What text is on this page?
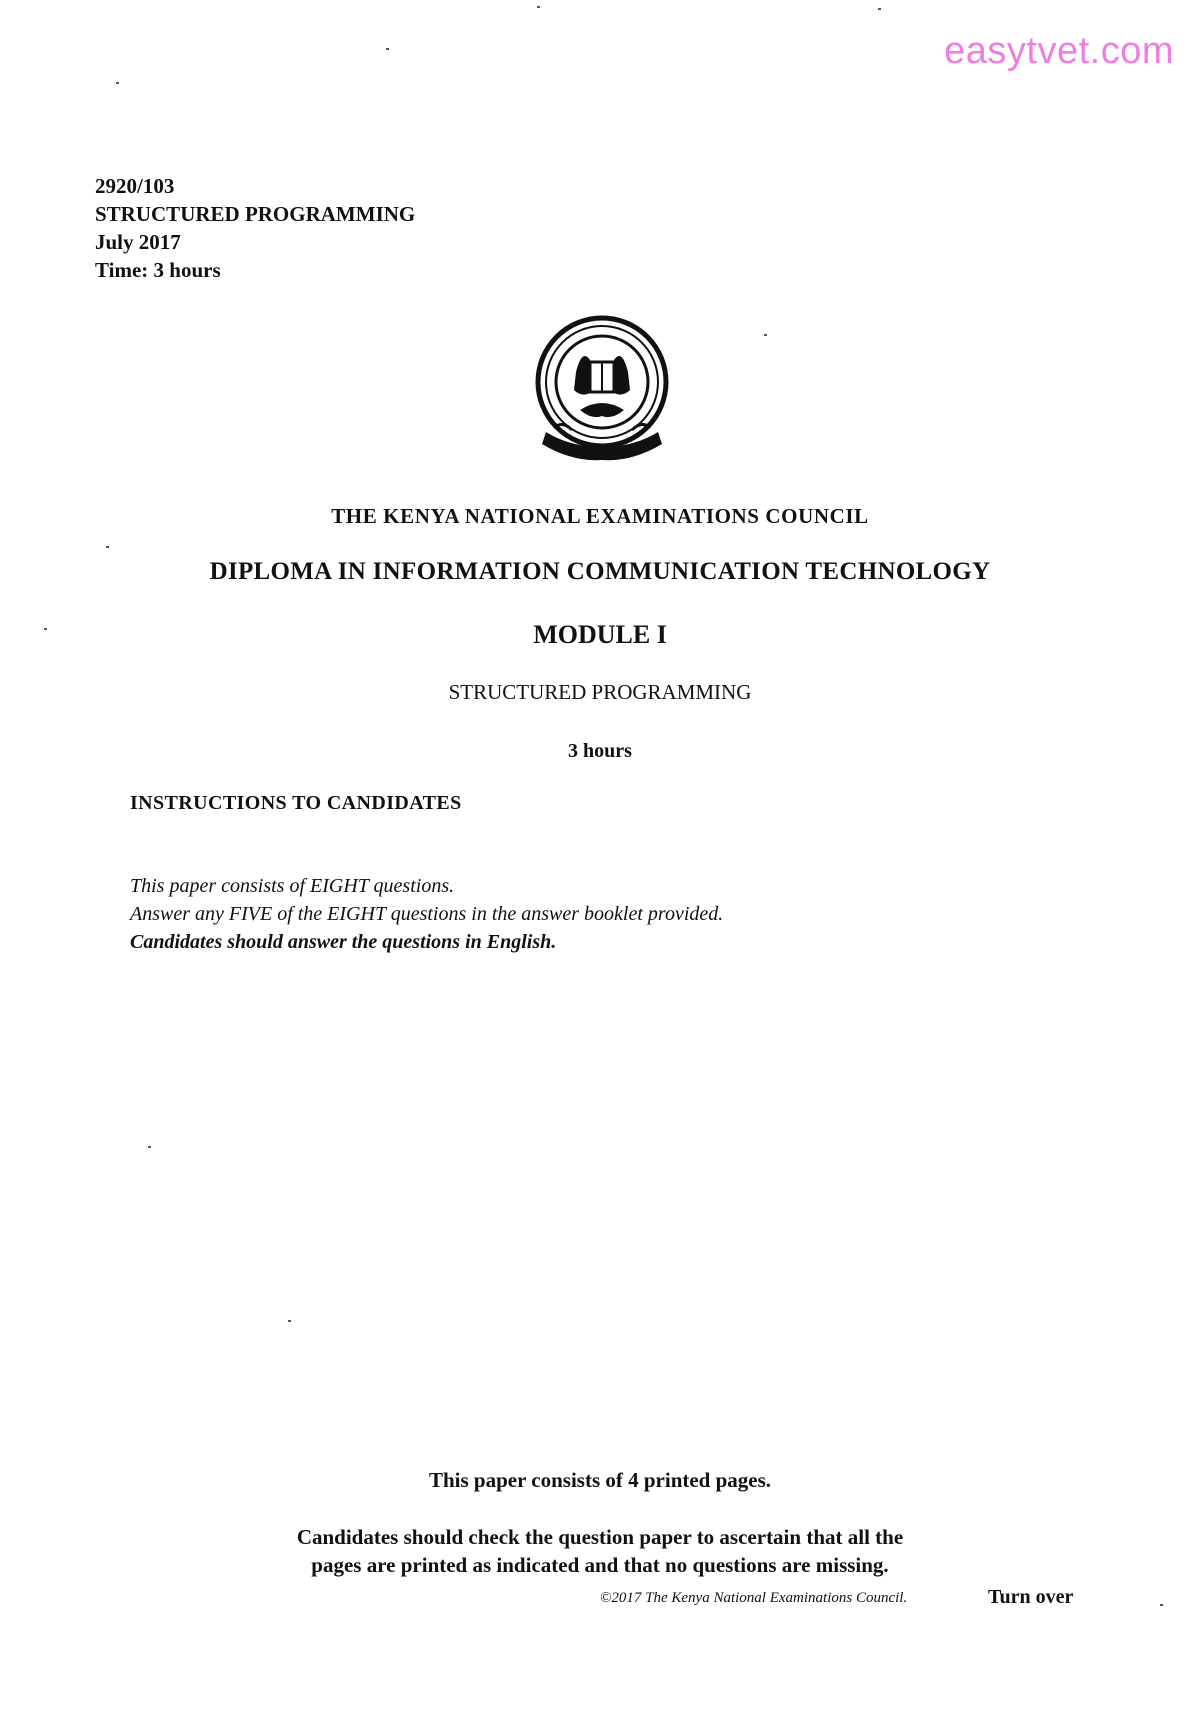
easytvet.com
2920/103
STRUCTURED PROGRAMMING
July 2017
Time: 3 hours
THE KENYA NATIONAL EXAMINATIONS COUNCIL
DIPLOMA IN INFORMATION COMMUNICATION TECHNOLOGY
MODULE I
STRUCTURED PROGRAMMING
3 hours
INSTRUCTIONS TO CANDIDATES
This paper consists of EIGHT questions.
Answer any FIVE of the EIGHT questions in the answer booklet provided.
Candidates should answer the questions in English.
This paper consists of 4 printed pages.
Candidates should check the question paper to ascertain that all the
pages are printed as indicated and that no questions are missing.
©2017 The Kenya National Examinations Council.	Turn over
